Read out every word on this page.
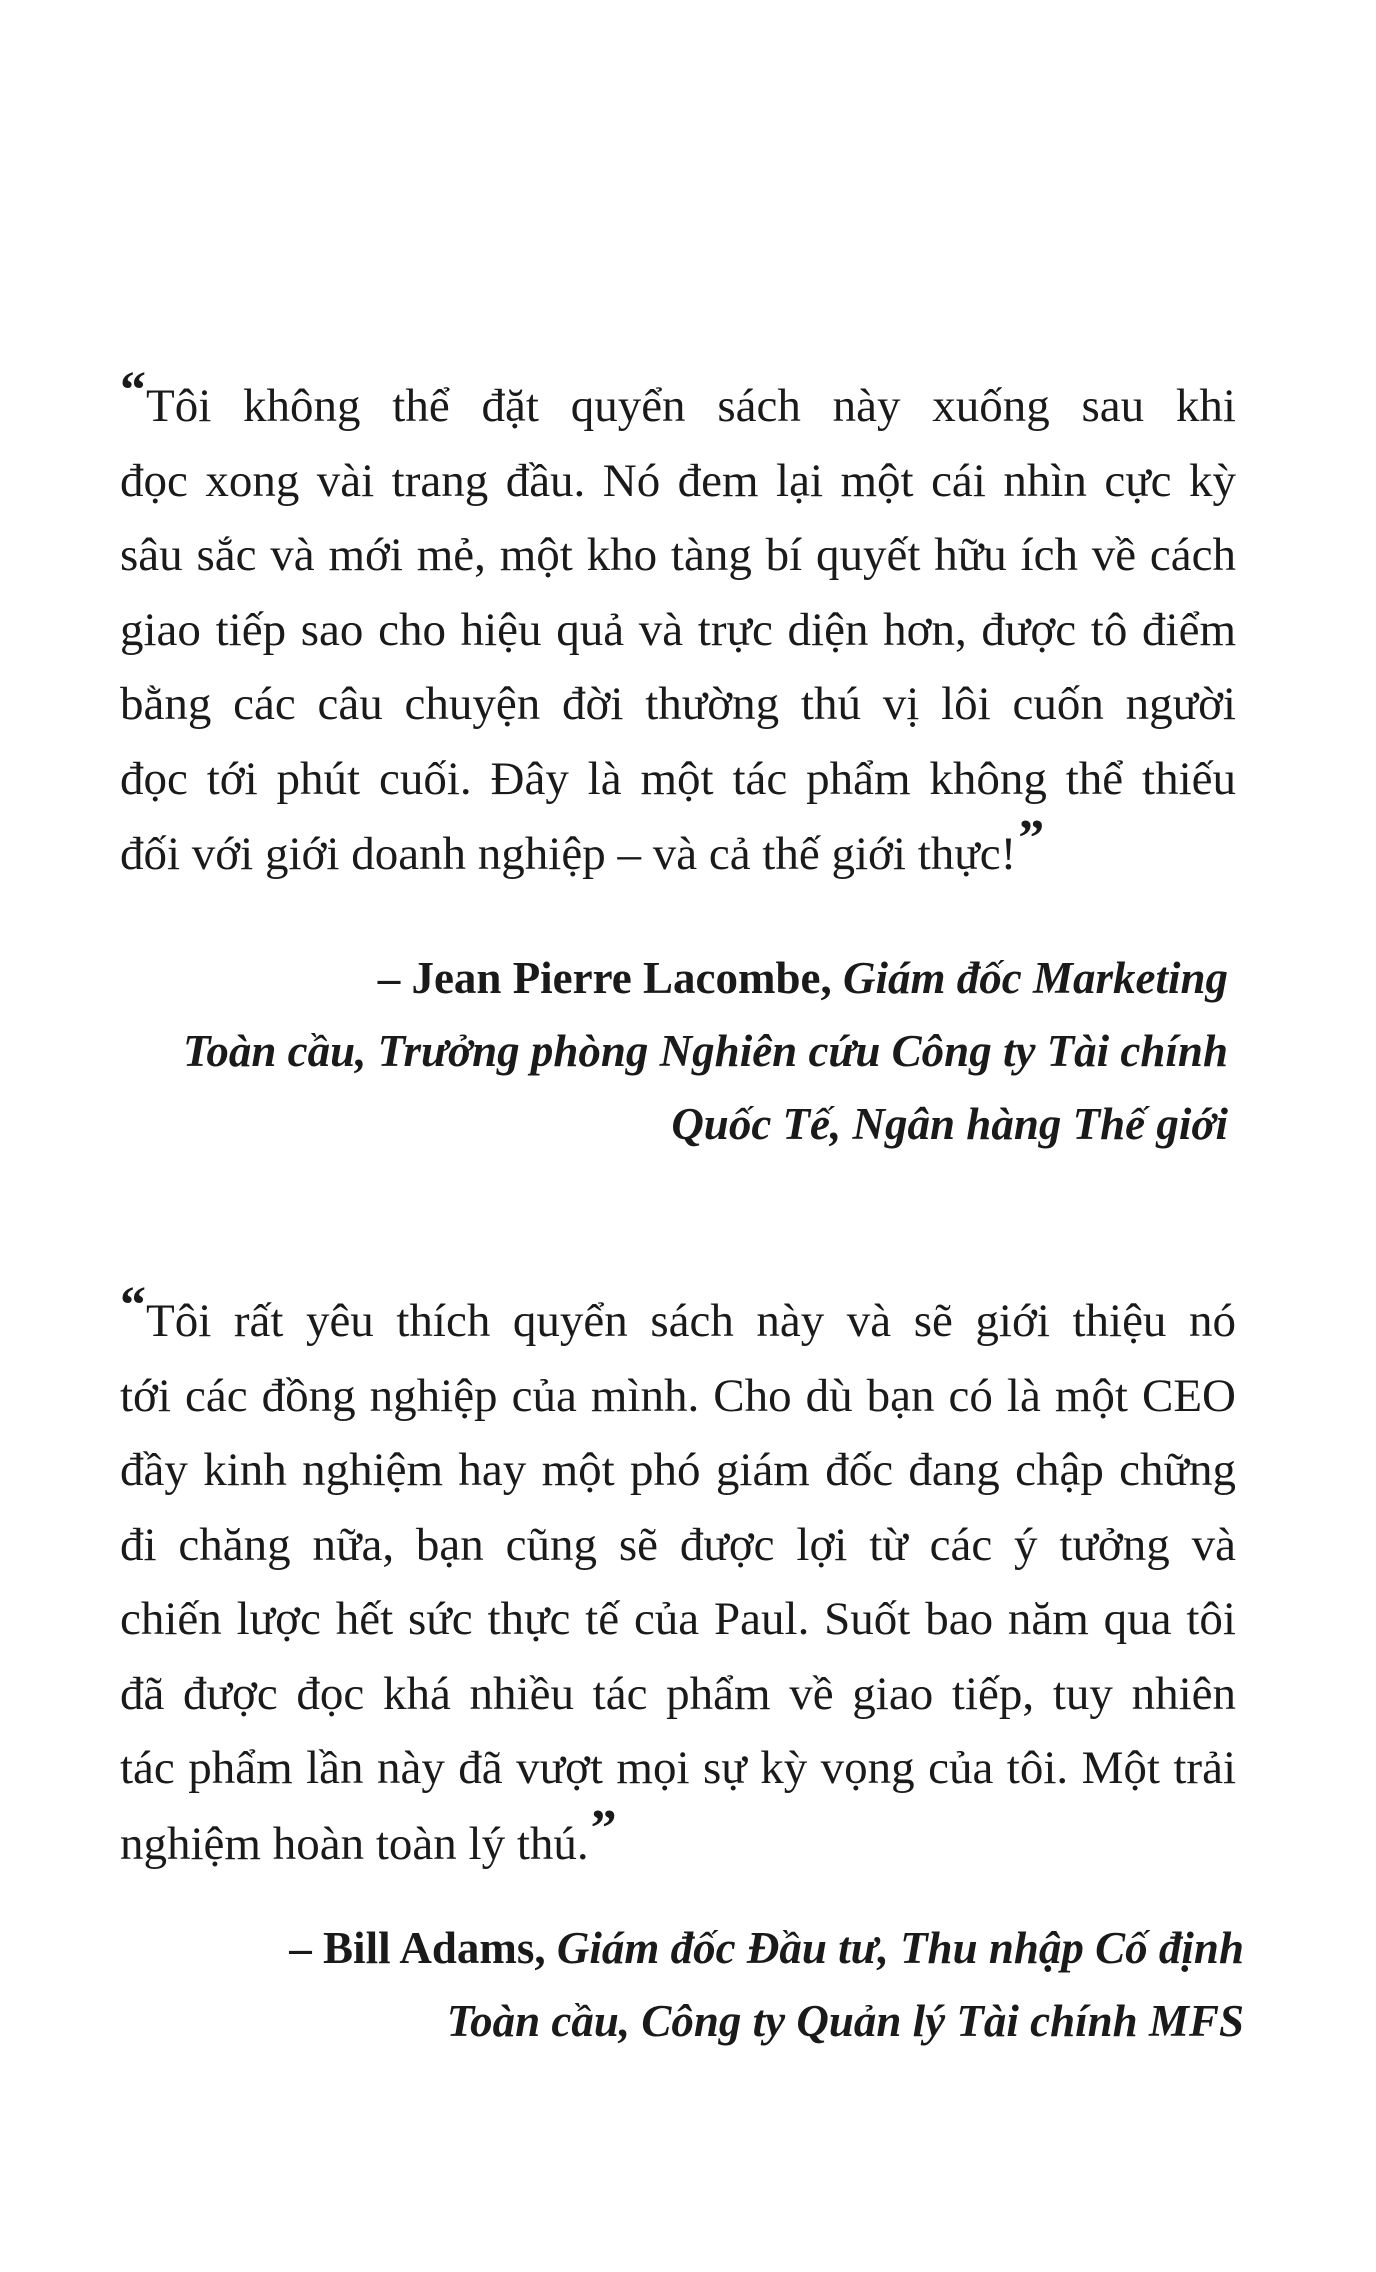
“Tôi không thể đặt quyển sách này xuống sau khi
đọc xong vài trang đầu. Nó đem lại một cái nhìn cực kỳ
sâu sắc và mới mẻ, một kho tàng bí quyết hữu ích về cách
giao tiếp sao cho hiệu quả và trực diện hơn, được tô điểm
bằng các câu chuyện đời thường thú vị lôi cuốn người
đọc tới phút cuối. Đây là một tác phẩm không thể thiếu
đối với giới doanh nghiệp – và cả thế giới thực!”

– Jean Pierre Lacombe, Giám đốc Marketing
Toàn cầu, Trưởng phòng Nghiên cứu Công ty Tài chính
Quốc Tế, Ngân hàng Thế giới

“Tôi rất yêu thích quyển sách này và sẽ giới thiệu nó
tới các đồng nghiệp của mình. Cho dù bạn có là một CEO
đầy kinh nghiệm hay một phó giám đốc đang chập chững
đi chăng nữa, bạn cũng sẽ được lợi từ các ý tưởng và
chiến lược hết sức thực tế của Paul. Suốt bao năm qua tôi
đã được đọc khá nhiều tác phẩm về giao tiếp, tuy nhiên
tác phẩm lần này đã vượt mọi sự kỳ vọng của tôi. Một trải
nghiệm hoàn toàn lý thú.”

– Bill Adams, Giám đốc Đầu tư, Thu nhập Cố định
Toàn cầu, Công ty Quản lý Tài chính MFS
